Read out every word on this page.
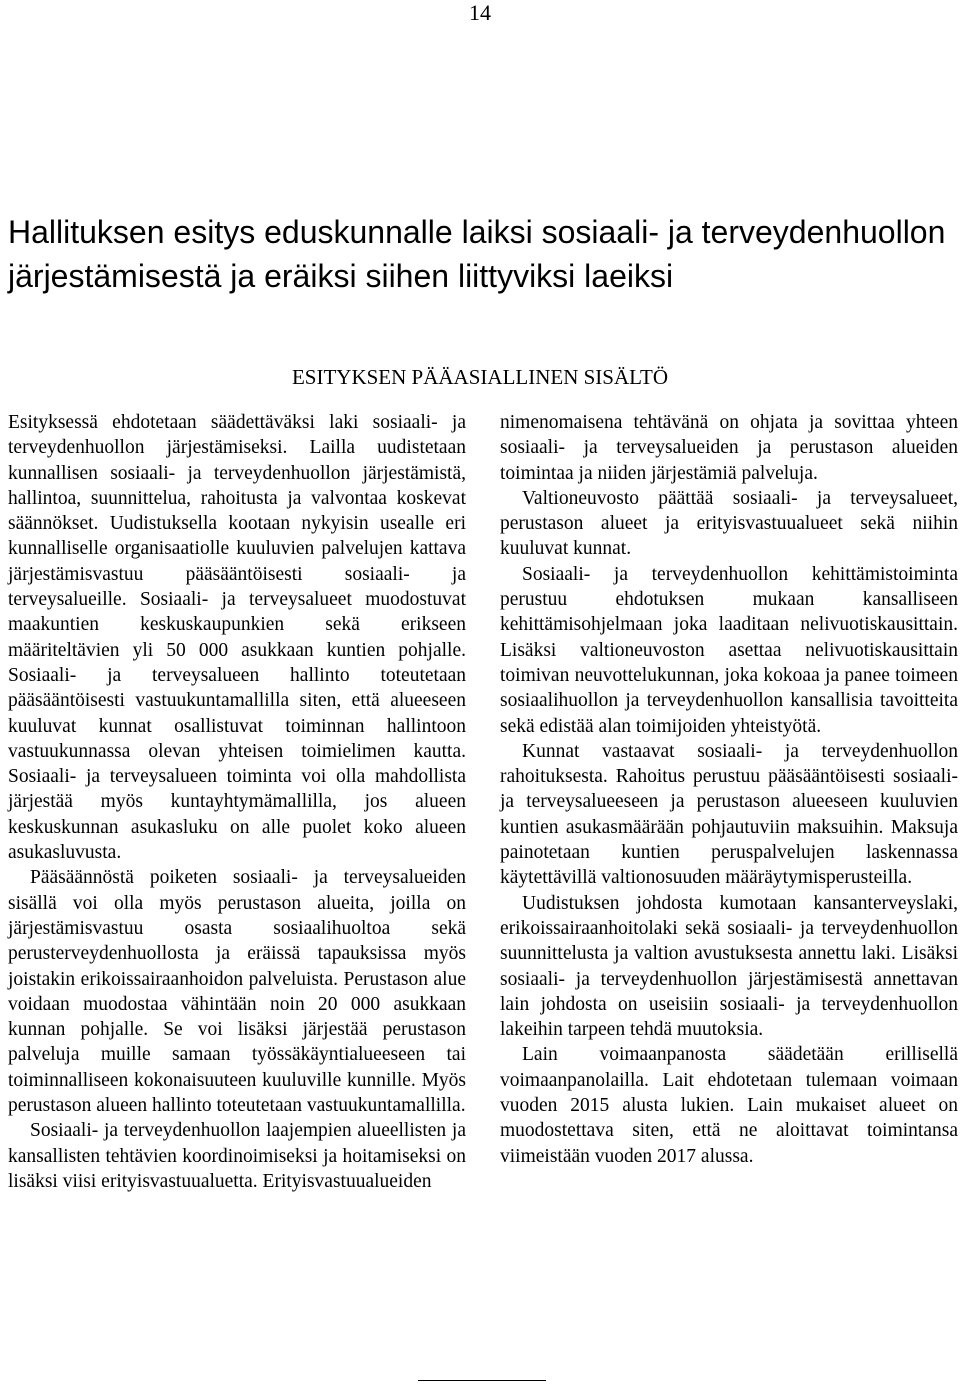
14
Hallituksen esitys eduskunnalle laiksi sosiaali- ja terveydenhuollon järjestämisestä ja eräiksi siihen liittyviksi laeiksi
ESITYKSEN PÄÄASIALLINEN SISÄLTÖ

Esityksessä ehdotetaan säädettäväksi laki sosiaali- ja terveydenhuollon järjestämiseksi. Lailla uudistetaan kunnallisen sosiaali- ja terveydenhuollon järjestämistä, hallintoa, suunnittelua, rahoitusta ja valvontaa koskevat säännökset. Uudistuksella kootaan nykyisin usealle eri kunnalliselle organisaatiolle kuuluvien palvelujen kattava järjestämisvastuu pääsääntöisesti sosiaali- ja terveysalueille. Sosiaali- ja terveysalueet muodostuvat maakuntien keskuskaupunkien sekä erikseen määriteltävien yli 50 000 asukkaan kuntien pohjalle. Sosiaali- ja terveysalueen hallinto toteutetaan pääsääntöisesti vastuukuntamallilla siten, että alueeseen kuuluvat kunnat osallistuvat toiminnan hallintoon vastuukunnassa olevan yhteisen toimielimen kautta. Sosiaali- ja terveysalueen toiminta voi olla mahdollista järjestää myös kuntayhtymämallilla, jos alueen keskuskunnan asukasluku on alle puolet koko alueen asukasluvusta.

Pääsäännöstä poiketen sosiaali- ja terveysalueiden sisällä voi olla myös perustason alueita, joilla on järjestämisvastuu osasta sosiaalihuoltoa sekä perusterveydenhuollosta ja eräissä tapauksissa myös joistakin erikoissairaanhoidon palveluista. Perustason alue voidaan muodostaa vähintään noin 20 000 asukkaan kunnan pohjalle. Se voi lisäksi järjestää perustason palveluja muille samaan työssäkäyntialueeseen tai toiminnalliseen kokonaisuuteen kuuluville kunnille. Myös perustason alueen hallinto toteutetaan vastuukuntamallilla.

Sosiaali- ja terveydenhuollon laajempien alueellisten ja kansallisten tehtävien koordinoimiseksi ja hoitamiseksi on lisäksi viisi erityisvastuualuetta. Erityisvastuualueiden

nimenomaisena tehtävänä on ohjata ja sovittaa yhteen sosiaali- ja terveysalueiden ja perustason alueiden toimintaa ja niiden järjestämiä palveluja.

Valtioneuvosto päättää sosiaali- ja terveysalueet, perustason alueet ja erityisvastuualueet sekä niihin kuuluvat kunnat.

Sosiaali- ja terveydenhuollon kehittämistoiminta perustuu ehdotuksen mukaan kansalliseen kehittämisohjelmaan joka laaditaan nelivuotiskausittain. Lisäksi valtioneuvoston asettaa nelivuotiskausittain toimivan neuvottelukunnan, joka kokoaa ja panee toimeen sosiaalihuollon ja terveydenhuollon kansallisia tavoitteita sekä edistää alan toimijoiden yhteistyötä.

Kunnat vastaavat sosiaali- ja terveydenhuollon rahoituksesta. Rahoitus perustuu pääsääntöisesti sosiaali- ja terveysalueeseen ja perustason alueeseen kuuluvien kuntien asukasmäärään pohjautuviin maksuihin. Maksuja painotetaan kuntien peruspalvelujen laskennassa käytettävillä valtionosuuden määräytymisperusteilla.

Uudistuksen johdosta kumotaan kansanterveyslaki, erikoissairaanhoitolaki sekä sosiaali- ja terveydenhuollon suunnittelusta ja valtion avustuksesta annettu laki. Lisäksi sosiaali- ja terveydenhuollon järjestämisestä annettavan lain johdosta on useisiin sosiaali- ja terveydenhuollon lakeihin tarpeen tehdä muutoksia.

Lain voimaanpanosta säädetään erillisellä voimaanpanolailla. Lait ehdotetaan tulemaan voimaan vuoden 2015 alusta lukien. Lain mukaiset alueet on muodostettava siten, että ne aloittavat toimintansa viimeistään vuoden 2017 alussa.
